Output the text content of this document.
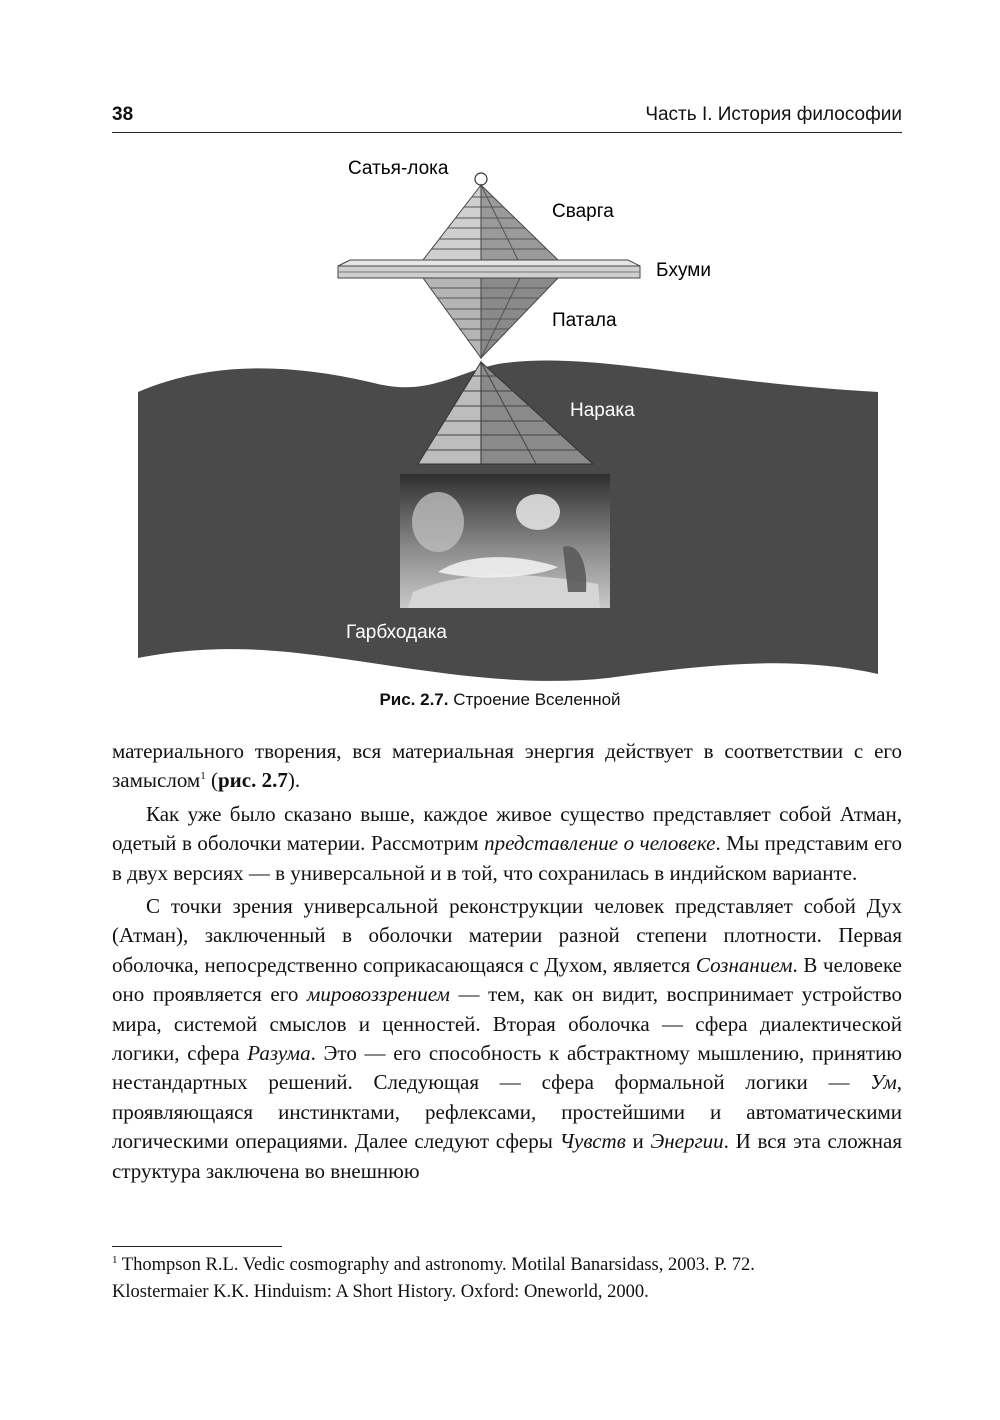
38	Часть I. История философии
Сатья-лока
Сварга
Бхуми
Патала
Нарака
Гарбходака
Рис. 2.7. Строение Вселенной

материального творения, вся материальная энергия действует в соответствии с его замыслом$^1$ (рис. 2.7).

Как уже было сказано выше, каждое живое существо представляет собой Атман, одетый в оболочки материи. Рассмотрим представление о человеке. Мы представим его в двух версиях — в универсальной и в той, что сохранилась в индийском варианте.

С точки зрения универсальной реконструкции человек представляет собой Дух (Атман), заключенный в оболочки материи разной степени плотности. Первая оболочка, непосредственно соприкасающаяся с Духом, является Сознанием. В человеке оно проявляется его мировоззрением — тем, как он видит, воспринимает устройство мира, системой смыслов и ценностей. Вторая оболочка — сфера диалектической логики, сфера Разума. Это — его способность к абстрактному мышлению, принятию нестандартных решений. Следующая — сфера формальной логики — Ум, проявляющаяся инстинктами, рефлексами, простейшими и автоматическими логическими операциями. Далее следуют сферы Чувств и Энергии. И вся эта сложная структура заключена во внешнюю

$^1$ Thompson R.L. Vedic cosmography and astronomy. Motilal Banarsidass, 2003. P. 72.

Klostermaier K.K. Hinduism: A Short History. Oxford: Oneworld, 2000.
